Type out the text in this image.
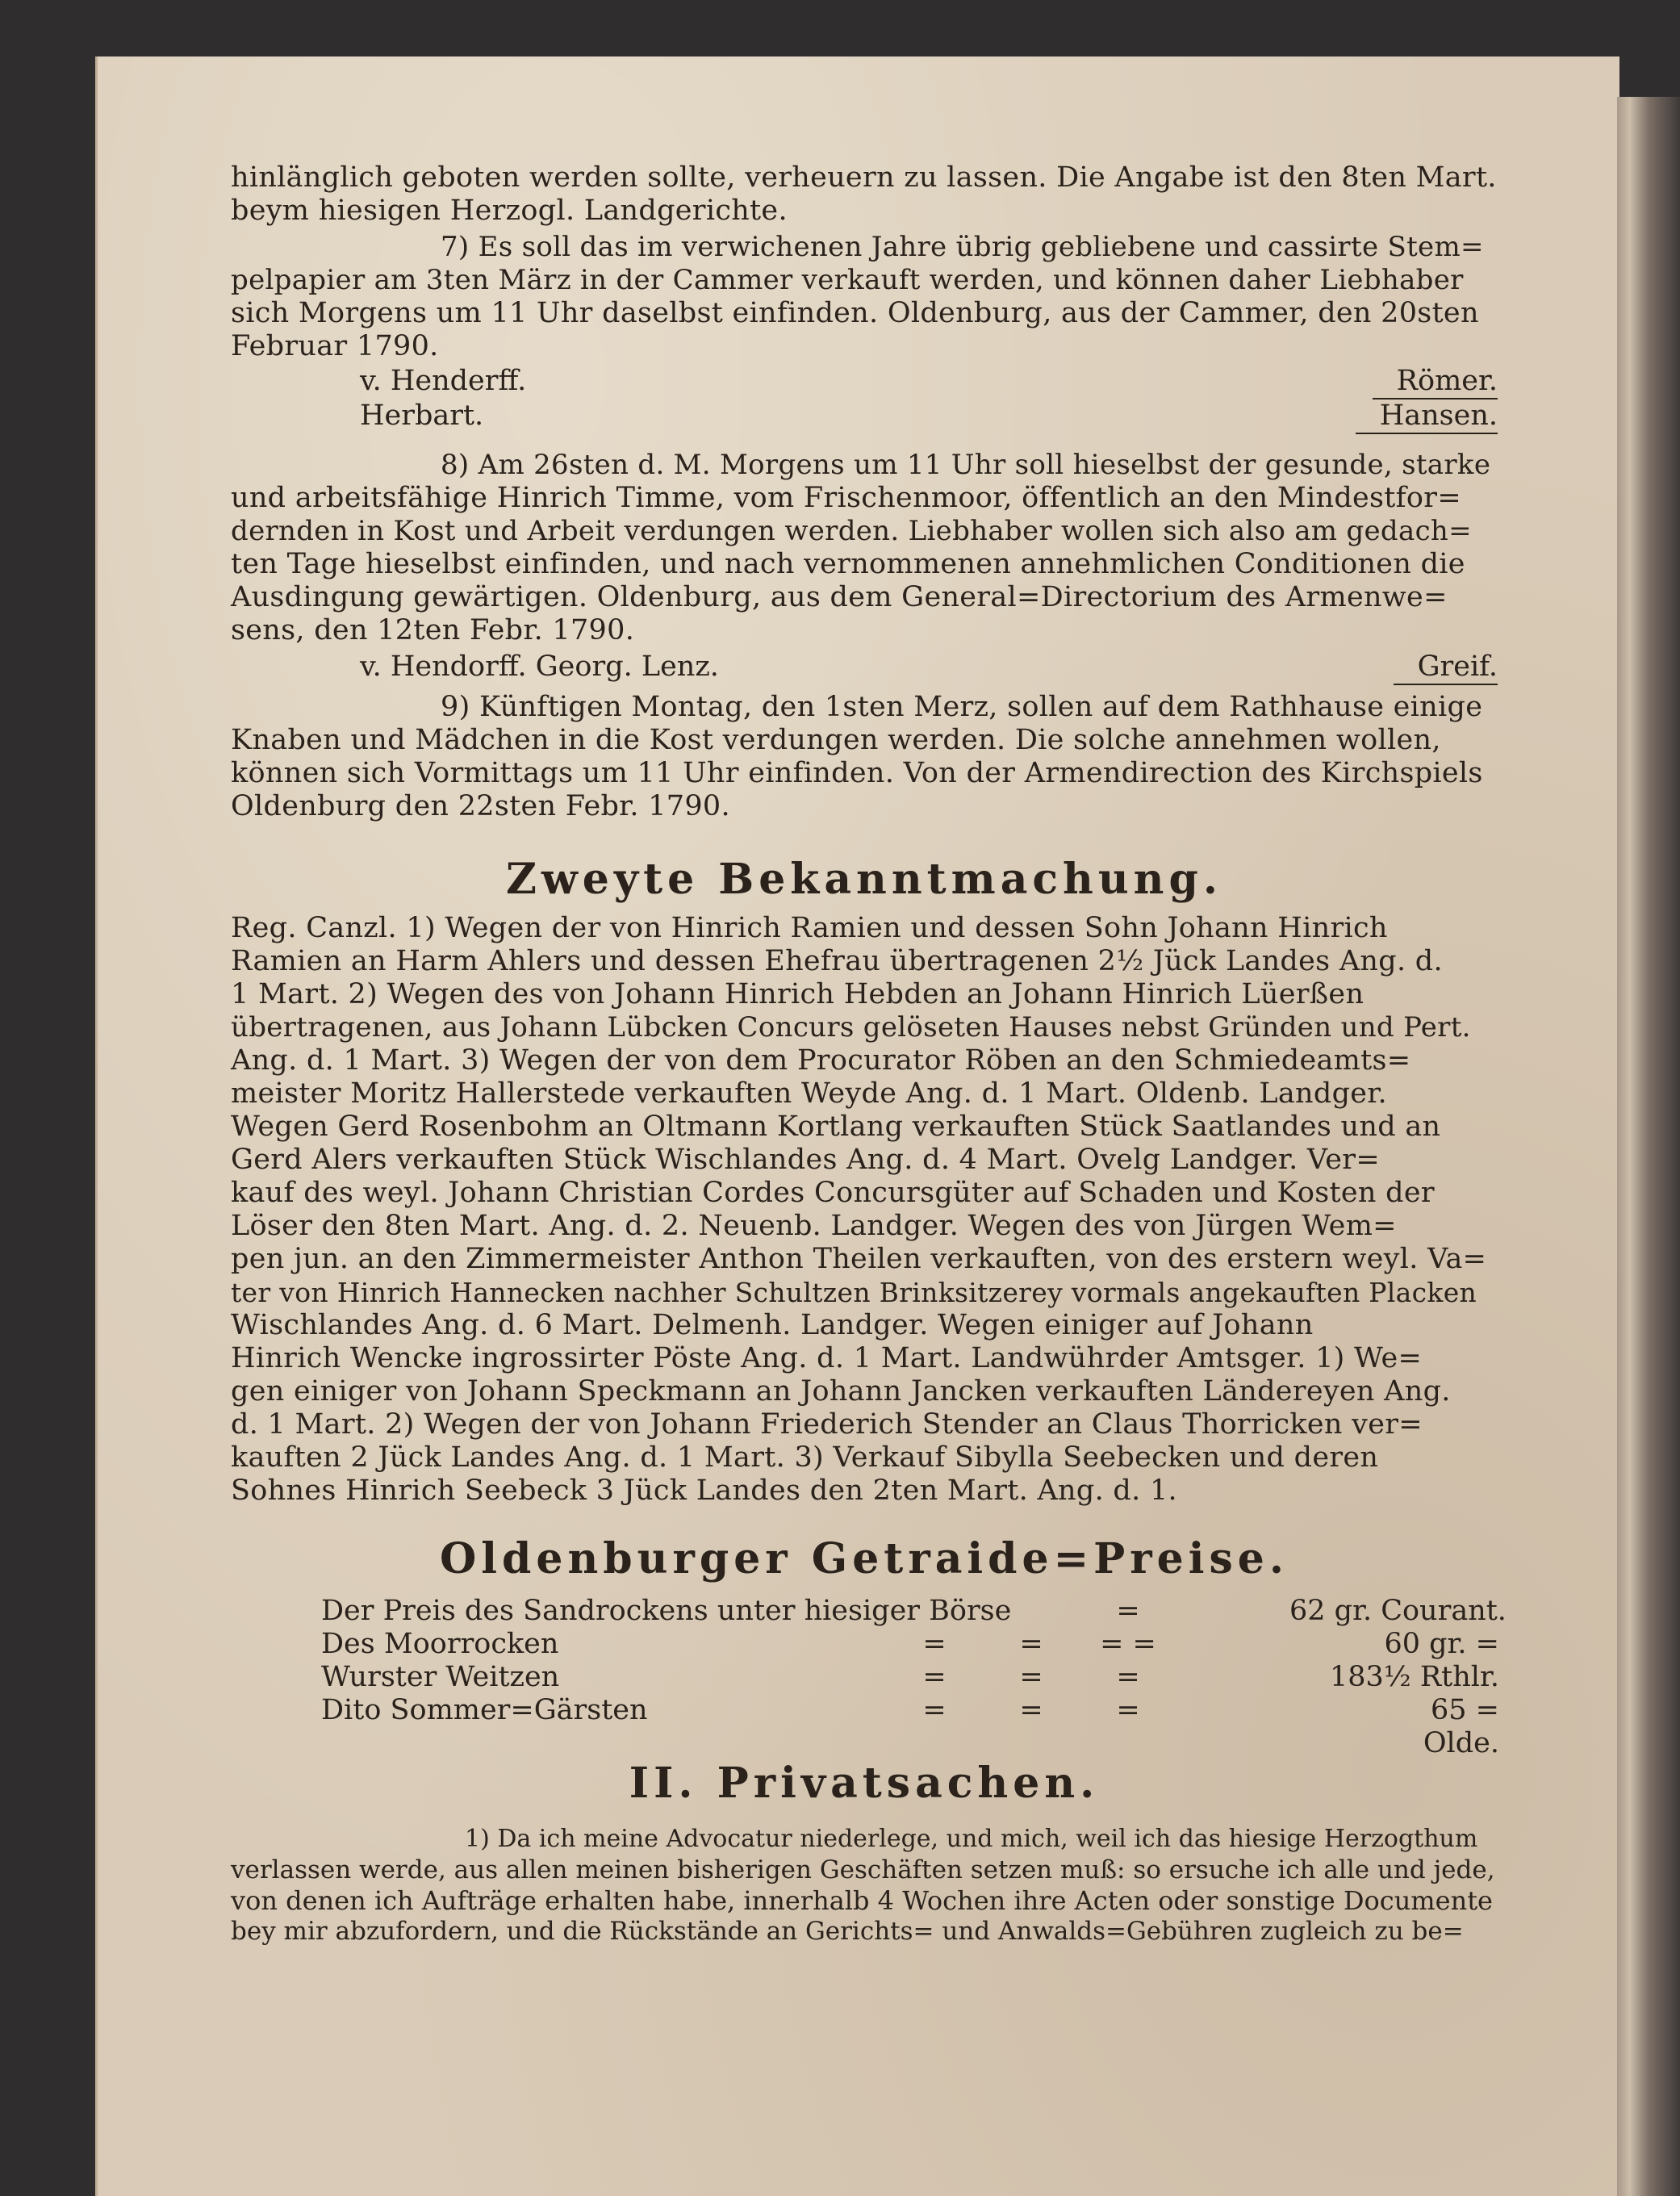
hinlänglich geboten werden sollte, verheuern zu lassen. Die Angabe ist den 8ten Mart.
beym hiesigen Herzogl. Landgerichte.
7) Es soll das im verwichenen Jahre übrig gebliebene und cassirte Stem=
pelpapier am 3ten März in der Cammer verkauft werden, und können daher Liebhaber
sich Morgens um 11 Uhr daselbst einfinden. Oldenburg, aus der Cammer, den 20sten
Februar 1790.
v. Henderff.	Römer.
Herbart.	Hansen.
8) Am 26sten d. M. Morgens um 11 Uhr soll hieselbst der gesunde, starke
und arbeitsfähige Hinrich Timme, vom Frischenmoor, öffentlich an den Mindestfor=
dernden in Kost und Arbeit verdungen werden. Liebhaber wollen sich also am gedach=
ten Tage hieselbst einfinden, und nach vernommenen annehmlichen Conditionen die
Ausdingung gewärtigen. Oldenburg, aus dem General=Directorium des Armenwe=
sens, den 12ten Febr. 1790.
v. Hendorff. Georg. Lenz.	Greif.
9) Künftigen Montag, den 1sten Merz, sollen auf dem Rathhause einige
Knaben und Mädchen in die Kost verdungen werden. Die solche annehmen wollen,
können sich Vormittags um 11 Uhr einfinden. Von der Armendirection des Kirchspiels
Oldenburg den 22sten Febr. 1790.
Zweyte Bekanntmachung.
Reg. Canzl. 1) Wegen der von Hinrich Ramien und dessen Sohn Johann Hinrich
Ramien an Harm Ahlers und dessen Ehefrau übertragenen 2½ Jück Landes Ang. d.
1 Mart. 2) Wegen des von Johann Hinrich Hebden an Johann Hinrich Lüerßen
übertragenen, aus Johann Lübcken Concurs gelöseten Hauses nebst Gründen und Pert.
Ang. d. 1 Mart. 3) Wegen der von dem Procurator Röben an den Schmiedeamts=
meister Moritz Hallerstede verkauften Weyde Ang. d. 1 Mart. Oldenb. Landger.
Wegen Gerd Rosenbohm an Oltmann Kortlang verkauften Stück Saatlandes und an
Gerd Alers verkauften Stück Wischlandes Ang. d. 4 Mart. Ovelg Landger. Ver=
kauf des weyl. Johann Christian Cordes Concursgüter auf Schaden und Kosten der
Löser den 8ten Mart. Ang. d. 2. Neuenb. Landger. Wegen des von Jürgen Wem=
pen jun. an den Zimmermeister Anthon Theilen verkauften, von des erstern weyl. Va=
ter von Hinrich Hannecken nachher Schultzen Brinksitzerey vormals angekauften Placken
Wischlandes Ang. d. 6 Mart. Delmenh. Landger. Wegen einiger auf Johann
Hinrich Wencke ingrossirter Pöste Ang. d. 1 Mart. Landwührder Amtsger. 1) We=
gen einiger von Johann Speckmann an Johann Jancken verkauften Ländereyen Ang.
d. 1 Mart. 2) Wegen der von Johann Friederich Stender an Claus Thorricken ver=
kauften 2 Jück Landes Ang. d. 1 Mart. 3) Verkauf Sibylla Seebecken und deren
Sohnes Hinrich Seebeck 3 Jück Landes den 2ten Mart. Ang. d. 1.
Oldenburger Getraide=Preise.
Der Preis des Sandrockens unter hiesiger Börse	=	62 gr. Courant.
Des Moorrocken	=	=	= =	60 gr. =
Wurster Weitzen	=	=	=	183½ Rthlr.
Dito Sommer=Gärsten	=	=	=	65 =
Olde.
II. Privatsachen.
1) Da ich meine Advocatur niederlege, und mich, weil ich das hiesige Herzogthum
verlassen werde, aus allen meinen bisherigen Geschäften setzen muß: so ersuche ich alle und jede,
von denen ich Aufträge erhalten habe, innerhalb 4 Wochen ihre Acten oder sonstige Documente
bey mir abzufordern, und die Rückstände an Gerichts= und Anwalds=Gebühren zugleich zu be=
